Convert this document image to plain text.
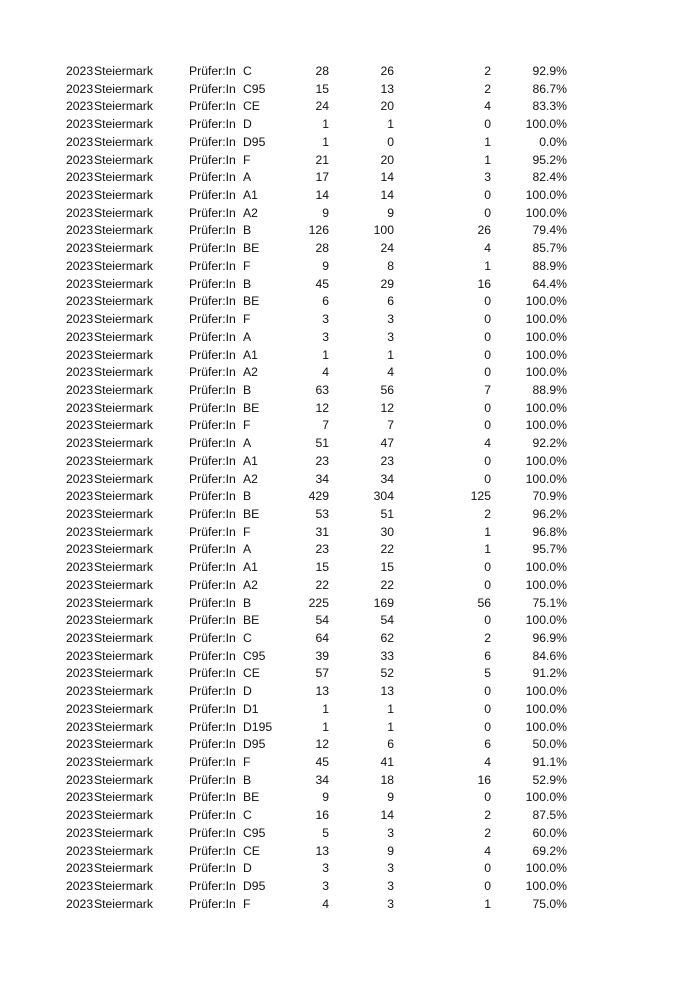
2023 Steiermark	Prüfer:In C	28	26	2	92.9%
2023 Steiermark	Prüfer:In C95	15	13	2	86.7%
2023 Steiermark	Prüfer:In CE	24	20	4	83.3%
2023 Steiermark	Prüfer:In D	1	1	0	100.0%
2023 Steiermark	Prüfer:In D95	1	0	1	0.0%
2023 Steiermark	Prüfer:In F	21	20	1	95.2%
2023 Steiermark	Prüfer:In A	17	14	3	82.4%
2023 Steiermark	Prüfer:In A1	14	14	0	100.0%
2023 Steiermark	Prüfer:In A2	9	9	0	100.0%
2023 Steiermark	Prüfer:In B	126	100	26	79.4%
2023 Steiermark	Prüfer:In BE	28	24	4	85.7%
2023 Steiermark	Prüfer:In F	9	8	1	88.9%
2023 Steiermark	Prüfer:In B	45	29	16	64.4%
2023 Steiermark	Prüfer:In BE	6	6	0	100.0%
2023 Steiermark	Prüfer:In F	3	3	0	100.0%
2023 Steiermark	Prüfer:In A	3	3	0	100.0%
2023 Steiermark	Prüfer:In A1	1	1	0	100.0%
2023 Steiermark	Prüfer:In A2	4	4	0	100.0%
2023 Steiermark	Prüfer:In B	63	56	7	88.9%
2023 Steiermark	Prüfer:In BE	12	12	0	100.0%
2023 Steiermark	Prüfer:In F	7	7	0	100.0%
2023 Steiermark	Prüfer:In A	51	47	4	92.2%
2023 Steiermark	Prüfer:In A1	23	23	0	100.0%
2023 Steiermark	Prüfer:In A2	34	34	0	100.0%
2023 Steiermark	Prüfer:In B	429	304	125	70.9%
2023 Steiermark	Prüfer:In BE	53	51	2	96.2%
2023 Steiermark	Prüfer:In F	31	30	1	96.8%
2023 Steiermark	Prüfer:In A	23	22	1	95.7%
2023 Steiermark	Prüfer:In A1	15	15	0	100.0%
2023 Steiermark	Prüfer:In A2	22	22	0	100.0%
2023 Steiermark	Prüfer:In B	225	169	56	75.1%
2023 Steiermark	Prüfer:In BE	54	54	0	100.0%
2023 Steiermark	Prüfer:In C	64	62	2	96.9%
2023 Steiermark	Prüfer:In C95	39	33	6	84.6%
2023 Steiermark	Prüfer:In CE	57	52	5	91.2%
2023 Steiermark	Prüfer:In D	13	13	0	100.0%
2023 Steiermark	Prüfer:In D1	1	1	0	100.0%
2023 Steiermark	Prüfer:In D195	1	1	0	100.0%
2023 Steiermark	Prüfer:In D95	12	6	6	50.0%
2023 Steiermark	Prüfer:In F	45	41	4	91.1%
2023 Steiermark	Prüfer:In B	34	18	16	52.9%
2023 Steiermark	Prüfer:In BE	9	9	0	100.0%
2023 Steiermark	Prüfer:In C	16	14	2	87.5%
2023 Steiermark	Prüfer:In C95	5	3	2	60.0%
2023 Steiermark	Prüfer:In CE	13	9	4	69.2%
2023 Steiermark	Prüfer:In D	3	3	0	100.0%
2023 Steiermark	Prüfer:In D95	3	3	0	100.0%
2023 Steiermark	Prüfer:In F	4	3	1	75.0%
